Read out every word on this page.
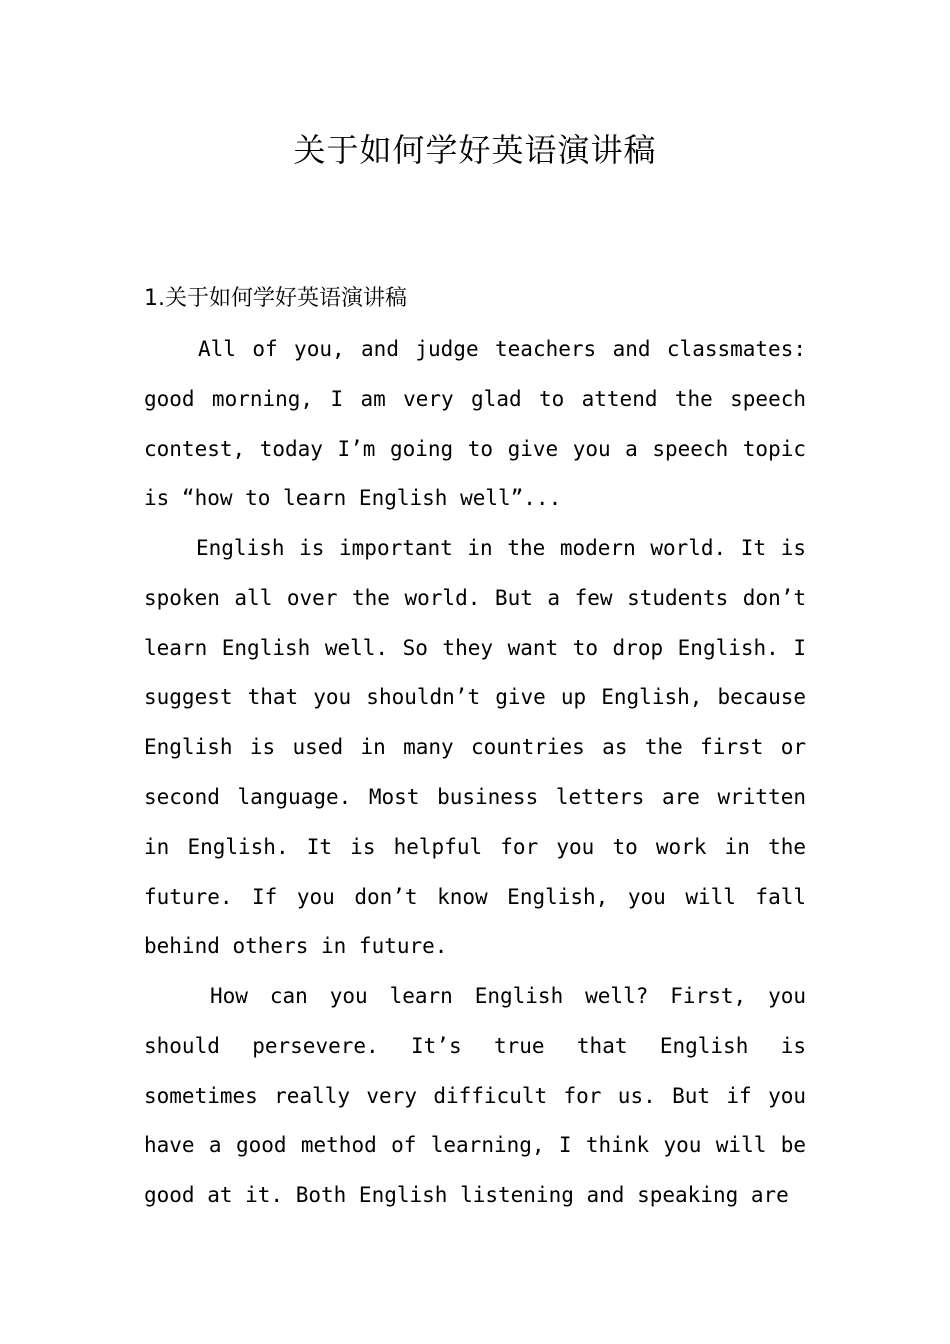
关于如何学好英语演讲稿
1.关于如何学好英语演讲稿

All of you, and judge teachers and classmates: good morning, I am very glad to attend the speech contest, today I’m going to give you a speech topic is “how to learn English well”...

English is important in the modern world. It is spoken all over the world. But a few students don’t learn English well. So they want to drop English. I suggest that you shouldn’t give up English, because English is used in many countries as the first or second language. Most business letters are written in English. It is helpful for you to work in the future. If you don’t know English, you will fall behind others in future.

How can you learn English well? First, you should persevere. It’s true that English is sometimes really very difficult for us. But if you have a good method of learning, I think you will be good at it. Both English listening and speaking are
